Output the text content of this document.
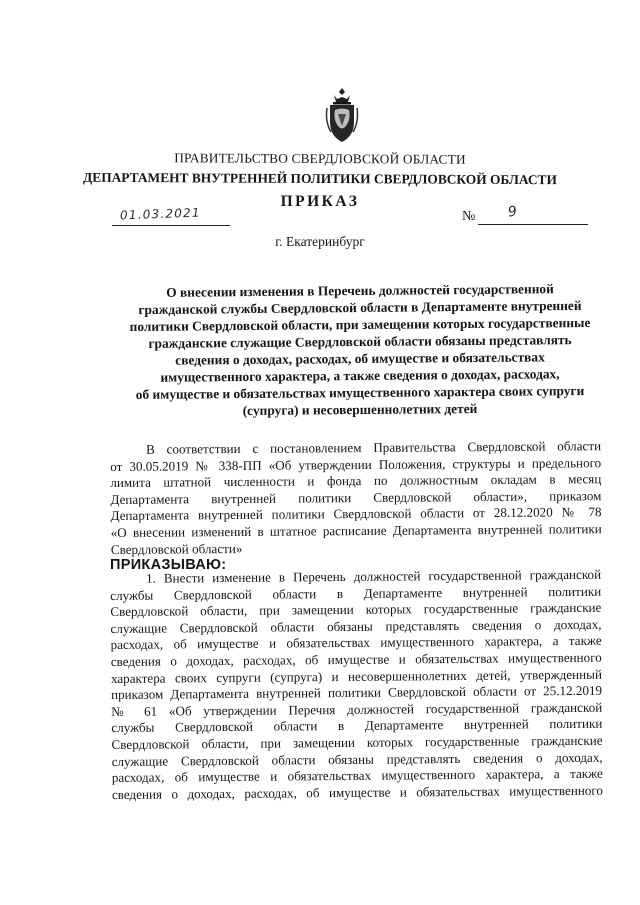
ПРАВИТЕЛЬСТВО СВЕРДЛОВСКОЙ ОБЛАСТИ
ДЕПАРТАМЕНТ ВНУТРЕННЕЙ ПОЛИТИКИ СВЕРДЛОВСКОЙ ОБЛАСТИ
ПРИКАЗ
01.03.2021	№ 9
г. Екатеринбург
О внесении изменения в Перечень должностей государственной
гражданской службы Свердловской области в Департаменте внутренней
политики Свердловской области, при замещении которых государственные
гражданские служащие Свердловской области обязаны представлять
сведения о доходах, расходах, об имуществе и обязательствах
имущественного характера, а также сведения о доходах, расходах,
об имуществе и обязательствах имущественного характера своих супруги
(супруга) и несовершеннолетних детей
В соответствии с постановлением Правительства Свердловской области
от 30.05.2019 № 338-ПП «Об утверждении Положения, структуры и предельного
лимита штатной численности и фонда по должностным окладам в месяц
Департамента внутренней политики Свердловской области», приказом
Департамента внутренней политики Свердловской области от 28.12.2020 № 78
«О внесении изменений в штатное расписание Департамента внутренней политики
Свердловской области»
ПРИКАЗЫВАЮ:
1. Внести изменение в Перечень должностей государственной гражданской
службы Свердловской области в Департаменте внутренней политики
Свердловской области, при замещении которых государственные гражданские
служащие Свердловской области обязаны представлять сведения о доходах,
расходах, об имуществе и обязательствах имущественного характера, а также
сведения о доходах, расходах, об имуществе и обязательствах имущественного
характера своих супруги (супруга) и несовершеннолетних детей, утвержденный
приказом Департамента внутренней политики Свердловской области от 25.12.2019
№ 61 «Об утверждении Перечня должностей государственной гражданской
службы Свердловской области в Департаменте внутренней политики
Свердловской области, при замещении которых государственные гражданские
служащие Свердловской области обязаны представлять сведения о доходах,
расходах, об имуществе и обязательствах имущественного характера, а также
сведения о доходах, расходах, об имуществе и обязательствах имущественного
